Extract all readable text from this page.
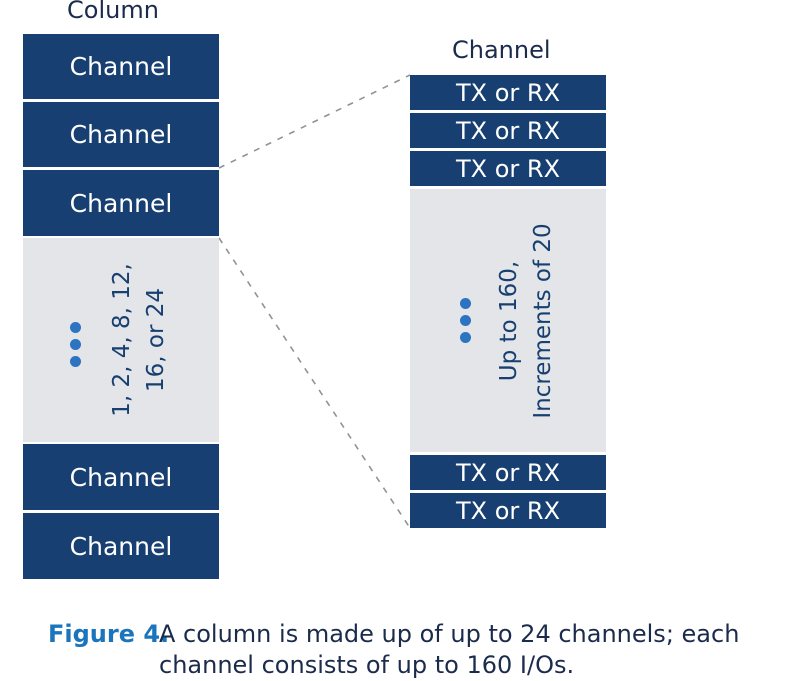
Column
Channel
Channel
Channel
1, 2, 4, 8, 12, 16, or 24
Channel
Channel
Channel
TX or RX
TX or RX
TX or RX
Up to 160, Increments of 20
TX or RX
TX or RX
Figure 4.
A column is made up of up to 24 channels; each
channel consists of up to 160 I/Os.
